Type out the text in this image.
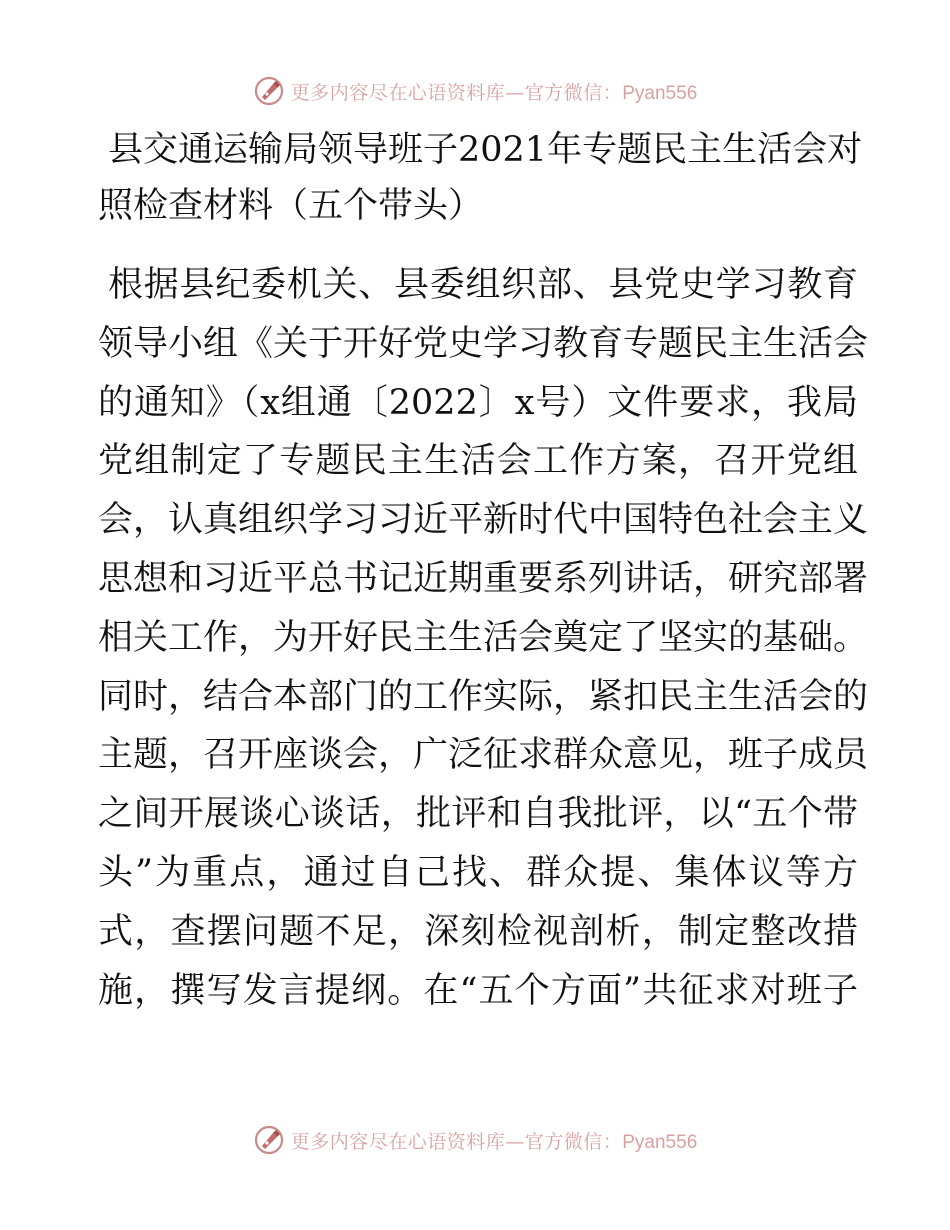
更多内容尽在心语资料库—官方微信：Pyan556
县交通运输局领导班子2021年专题民主生活会对
照检查材料（五个带头）
根据县纪委机关、县委组织部、县党史学习教育
领导小组《关于开好党史学习教育专题民主生活会
的通知》（x组通〔2022〕x号）文件要求，我局
党组制定了专题民主生活会工作方案，召开党组
会，认真组织学习习近平新时代中国特色社会主义
思想和习近平总书记近期重要系列讲话，研究部署
相关工作，为开好民主生活会奠定了坚实的基础。
同时，结合本部门的工作实际，紧扣民主生活会的
主题，召开座谈会，广泛征求群众意见，班子成员
之间开展谈心谈话，批评和自我批评，以“五个带
头”为重点，通过自己找、群众提、集体议等方
式，查摆问题不足，深刻检视剖析，制定整改措
施，撰写发言提纲。在“五个方面”共征求对班子
更多内容尽在心语资料库—官方微信：Pyan556
